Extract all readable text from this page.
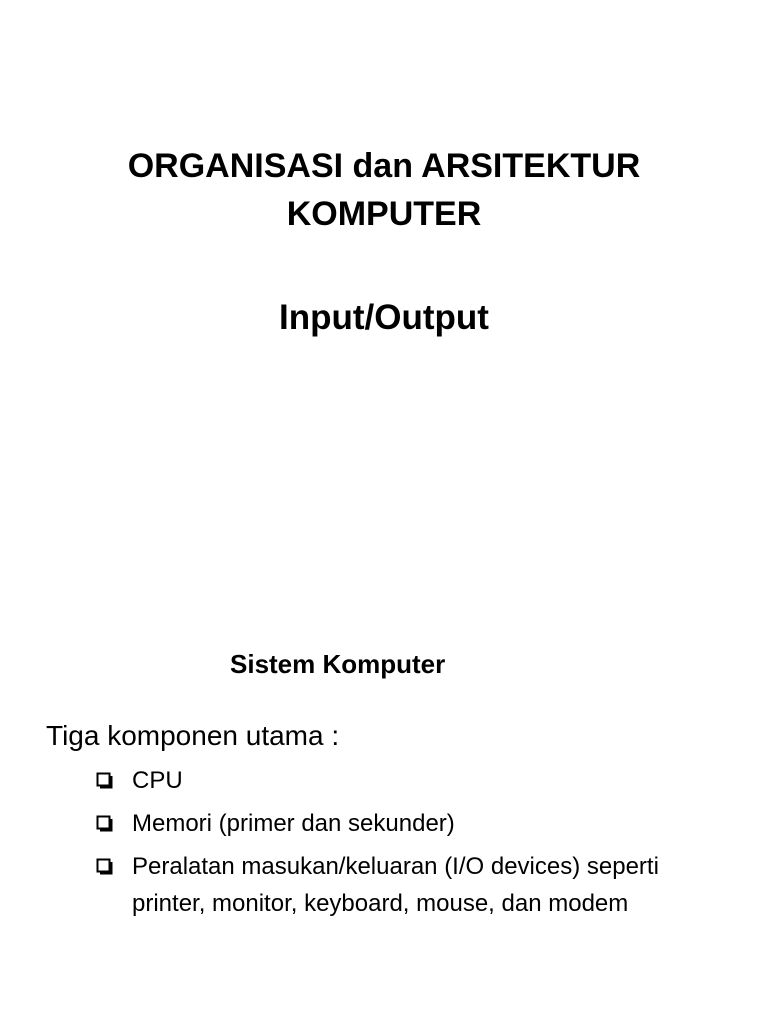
ORGANISASI dan ARSITEKTUR
KOMPUTER
Input/Output
Sistem Komputer

Tiga komponen utama :

CPU
Memori (primer dan sekunder)
Peralatan masukan/keluaran (I/O devices) seperti printer, monitor, keyboard, mouse, dan modem
